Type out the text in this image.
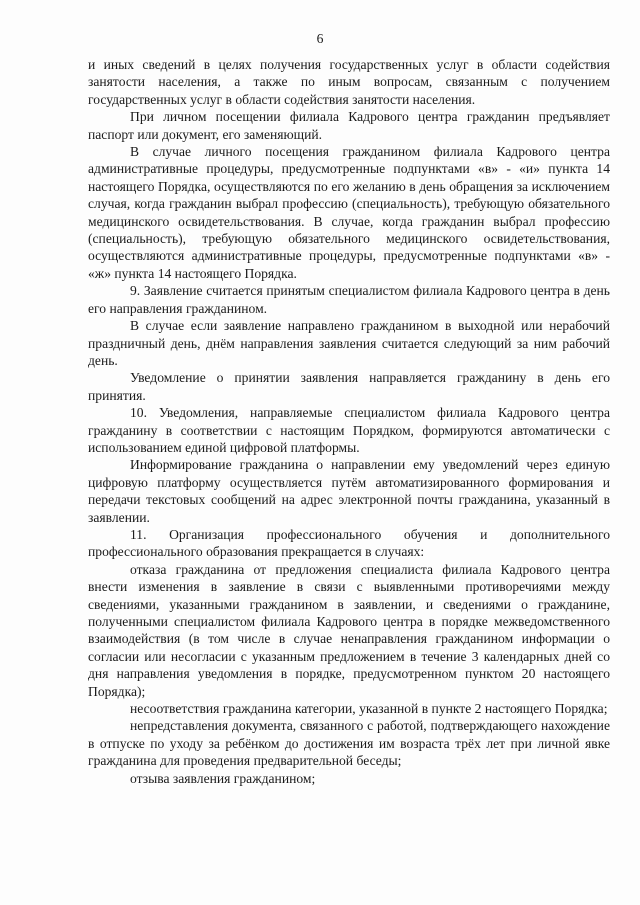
6

и иных сведений в целях получения государственных услуг в области содействия занятости населения, а также по иным вопросам, связанным с получением государственных услуг в области содействия занятости населения.

При личном посещении филиала Кадрового центра гражданин предъявляет паспорт или документ, его заменяющий.

В случае личного посещения гражданином филиала Кадрового центра административные процедуры, предусмотренные подпунктами «в» - «и» пункта 14 настоящего Порядка, осуществляются по его желанию в день обращения за исключением случая, когда гражданин выбрал профессию (специальность), требующую обязательного медицинского освидетельствования. В случае, когда гражданин выбрал профессию (специальность), требующую обязательного медицинского освидетельствования, осуществляются административные процедуры, предусмотренные подпунктами «в» - «ж» пункта 14 настоящего Порядка.

9. Заявление считается принятым специалистом филиала Кадрового центра в день его направления гражданином.

В случае если заявление направлено гражданином в выходной или нерабочий праздничный день, днём направления заявления считается следующий за ним рабочий день.

Уведомление о принятии заявления направляется гражданину в день его принятия.

10. Уведомления, направляемые специалистом филиала Кадрового центра гражданину в соответствии с настоящим Порядком, формируются автоматически с использованием единой цифровой платформы.

Информирование гражданина о направлении ему уведомлений через единую цифровую платформу осуществляется путём автоматизированного формирования и передачи текстовых сообщений на адрес электронной почты гражданина, указанный в заявлении.

11. Организация профессионального обучения и дополнительного профессионального образования прекращается в случаях:

отказа гражданина от предложения специалиста филиала Кадрового центра внести изменения в заявление в связи с выявленными противоречиями между сведениями, указанными гражданином в заявлении, и сведениями о гражданине, полученными специалистом филиала Кадрового центра в порядке межведомственного взаимодействия (в том числе в случае ненаправления гражданином информации о согласии или несогласии с указанным предложением в течение 3 календарных дней со дня направления уведомления в порядке, предусмотренном пунктом 20 настоящего Порядка);

несоответствия гражданина категории, указанной в пункте 2 настоящего Порядка;

непредставления документа, связанного с работой, подтверждающего нахождение в отпуске по уходу за ребёнком до достижения им возраста трёх лет при личной явке гражданина для проведения предварительной беседы;

отзыва заявления гражданином;
